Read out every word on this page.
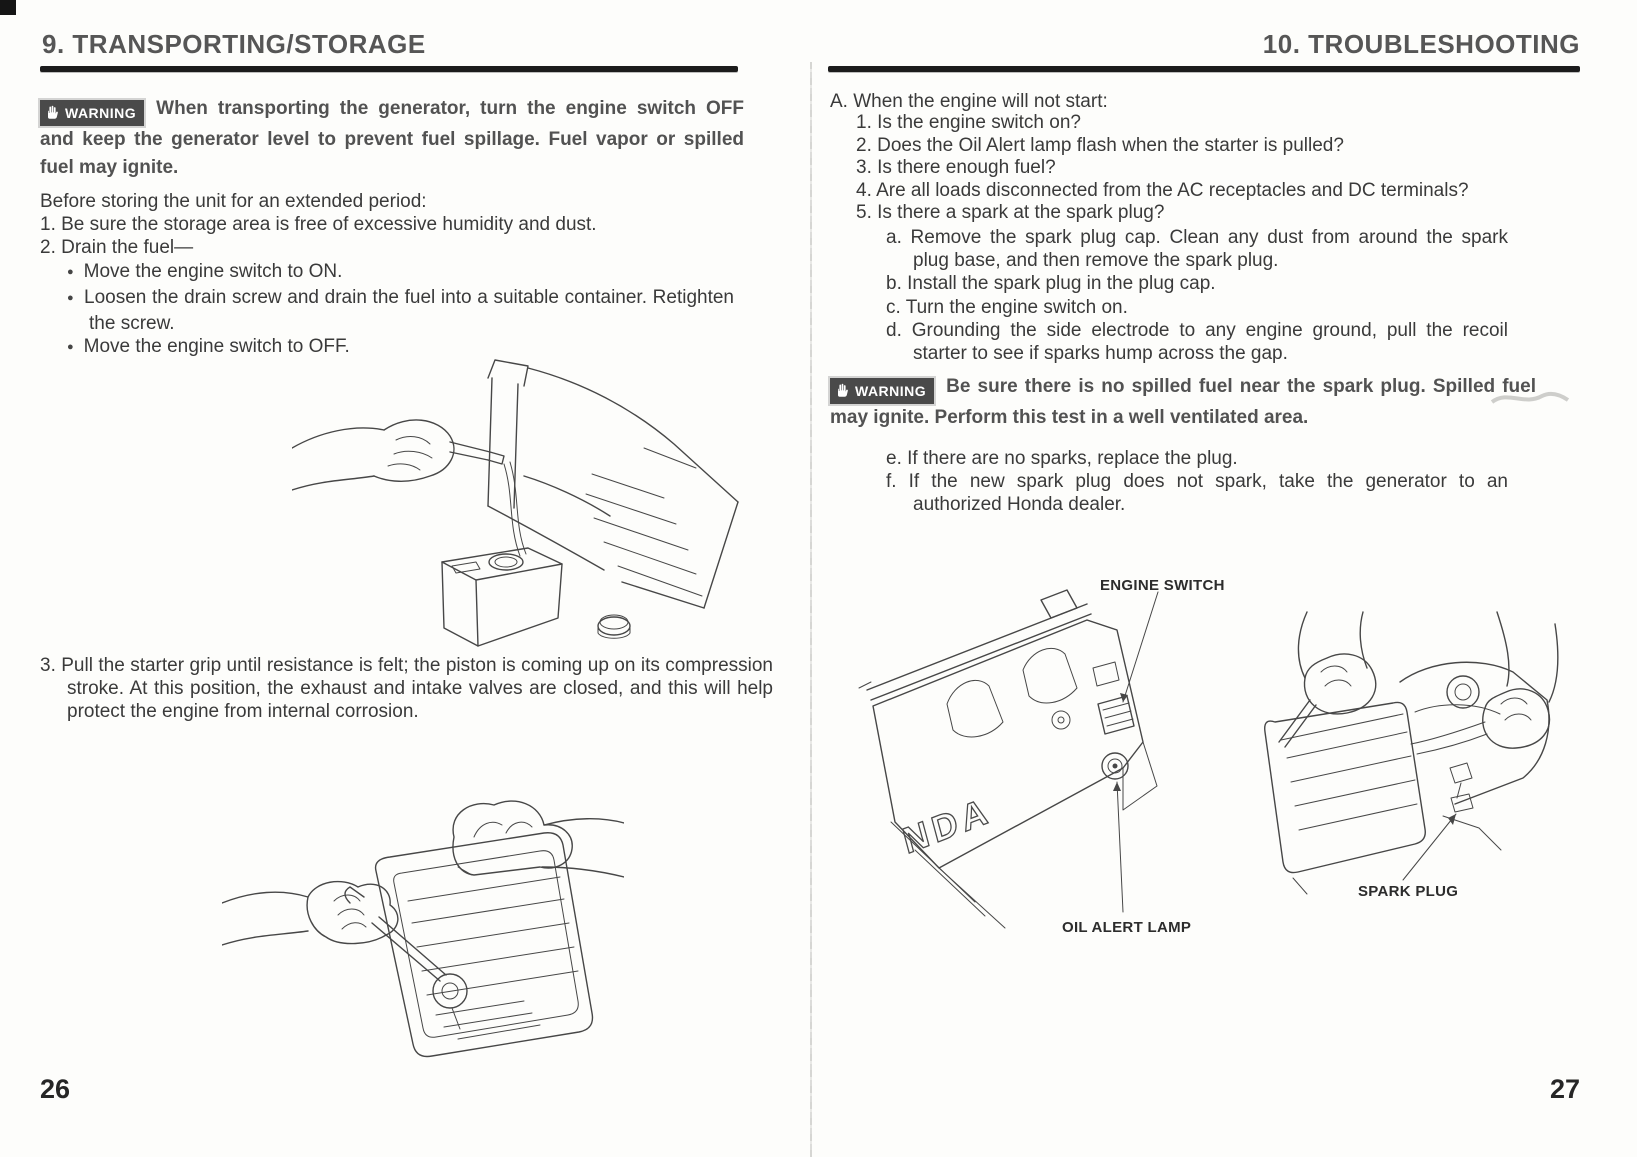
9. TRANSPORTING/STORAGE
WARNING When transporting the generator, turn the engine switch OFF and keep the generator level to prevent fuel spillage. Fuel vapor or spilled fuel may ignite.
Before storing the unit for an extended period:
1. Be sure the storage area is free of excessive humidity and dust.
2. Drain the fuel—
● Move the engine switch to ON.
● Loosen the drain screw and drain the fuel into a suitable container. Retighten the screw.
● Move the engine switch to OFF.
3. Pull the starter grip until resistance is felt; the piston is coming up on its compression stroke. At this position, the exhaust and intake valves are closed, and this will help protect the engine from internal corrosion.
26
10. TROUBLESHOOTING
A. When the engine will not start:
1. Is the engine switch on?
2. Does the Oil Alert lamp flash when the starter is pulled?
3. Is there enough fuel?
4. Are all loads disconnected from the AC receptacles and DC terminals?
5. Is there a spark at the spark plug?
a. Remove the spark plug cap. Clean any dust from around the spark plug base, and then remove the spark plug.
b. Install the spark plug in the plug cap.
c. Turn the engine switch on.
d. Grounding the side electrode to any engine ground, pull the recoil starter to see if sparks hump across the gap.
WARNING Be sure there is no spilled fuel near the spark plug. Spilled fuel may ignite. Perform this test in a well ventilated area.
e. If there are no sparks, replace the plug.
f. If the new spark plug does not spark, take the generator to an authorized Honda dealer.
ENGINE SWITCH
OIL ALERT LAMP
SPARK PLUG
NDA
27
